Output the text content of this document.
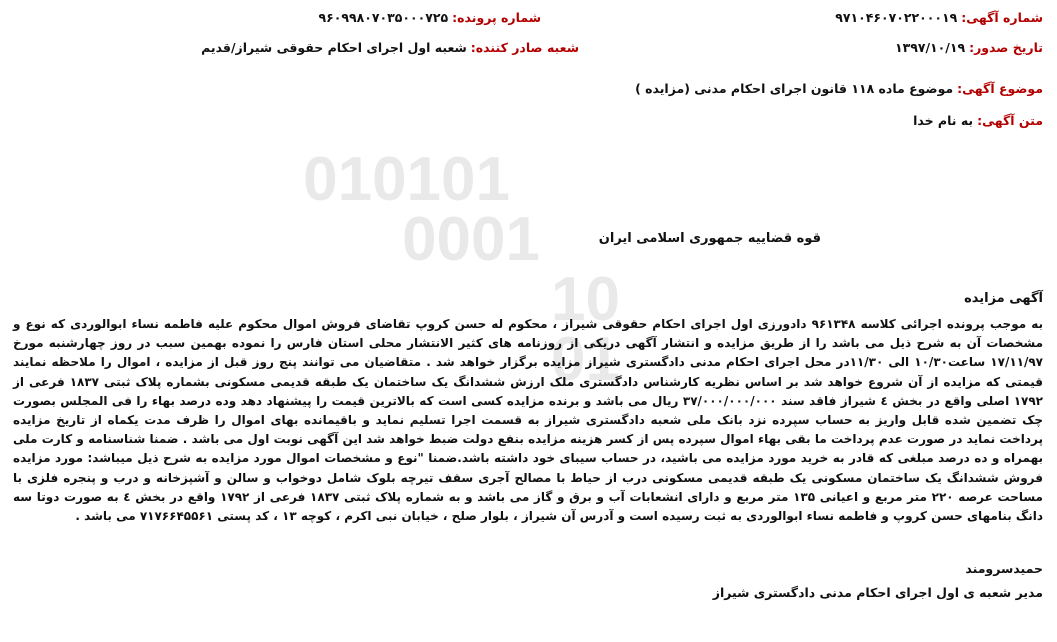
010101
0001
10
01
شماره آگهی: ۹۷۱۰۴۶۰۷۰۲۲۰۰۰۱۹
شماره پرونده: ۹۶۰۹۹۸۰۷۰۳۵۰۰۰۷۲۵
تاریخ صدور: ۱۳۹۷/۱۰/۱۹
شعبه صادر کننده: شعبه اول اجرای احکام حقوقی شیراز/قدیم
موضوع آگهی: موضوع ماده ۱۱۸ قانون اجرای احکام مدنی (مزایده )
متن آگهی: به نام خدا
قوه قضاییه جمهوری اسلامی ایران
آگهی مزایده
به موجب پرونده اجرائی کلاسه ۹۶۱۳۴۸ دادورزی اول اجرای احکام حقوقی شیراز ، محکوم له حسن کروپ تقاضای فروش اموال محکوم علیه فاطمه نساء ابوالوردی که نوع و مشخصات آن به شرح ذیل می باشد را از طریق مزایده و انتشار آگهی دریکی از روزنامه های کثیر الانتشار محلی استان فارس را نموده بهمین سبب در روز چهارشنبه مورخ ۱۷/۱۱/۹۷ ساعت۱۰/۳۰ الی ۱۱/۳۰در محل اجرای احکام مدنی دادگستری شیراز مزایده برگزار خواهد شد . متقاضیان می توانند پنج روز قبل از مزایده ، اموال را ملاحظه نمایند قیمتی که مزایده از آن شروع خواهد شد بر اساس نظریه کارشناس دادگستری ملک ارزش ششدانگ یک ساختمان یک طبقه قدیمی مسکونی بشماره پلاک ثبتی ۱۸۳۷ فرعی از ۱۷۹۲ اصلی واقع در بخش ٤ شیراز فاقد سند ۳۷/۰۰۰/۰۰۰/۰۰۰ ریال می باشد و برنده مزایده کسی است که بالاترین قیمت را پیشنهاد دهد وده درصد بهاء را فی المجلس بصورت چک تضمین شده قابل واریز به حساب سپرده نزد بانک ملی شعبه دادگستری شیراز به قسمت اجرا تسلیم نماید و باقیمانده بهای اموال را ظرف مدت یکماه از تاریخ مزایده پرداخت نماید در صورت عدم پرداخت ما بقی بهاء اموال سپرده پس از کسر هزینه مزایده بنفع دولت ضبط خواهد شد این آگهی نوبت اول می باشد . ضمنا شناسنامه و کارت ملی بهمراه و ده درصد مبلغی که قادر به خرید مورد مزایده می باشید، در حساب سیبای خود داشته باشد.ضمنا "نوع و مشخصات اموال مورد مزایده به شرح ذیل میباشد: مورد مزایده فروش ششدانگ یک ساختمان مسکونی یک طبقه قدیمی مسکونی درب از حیاط با مصالح آجری سقف تیرچه بلوک شامل دوخواب و سالن و آشپزخانه و درب و پنجره فلزی با مساحت عرصه ۲۲۰ متر مربع و اعیانی ۱۳۵ متر مربع و دارای انشعابات آب و برق و گاز می باشد و به شماره پلاک ثبتی ۱۸۳۷ فرعی از ۱۷۹۲ واقع در بخش ٤ به صورت دوتا سه دانگ بنامهای حسن کروپ و فاطمه نساء ابوالوردی به ثبت رسیده است و آدرس آن شیراز ، بلوار صلح ، خیابان نبی اکرم ، کوچه ۱۳ ، کد پستی ۷۱۷۶۶۴۵۵۶۱ می باشد .
حمیدسرومند
مدیر شعبه ی اول اجرای احکام مدنی دادگستری شیراز
